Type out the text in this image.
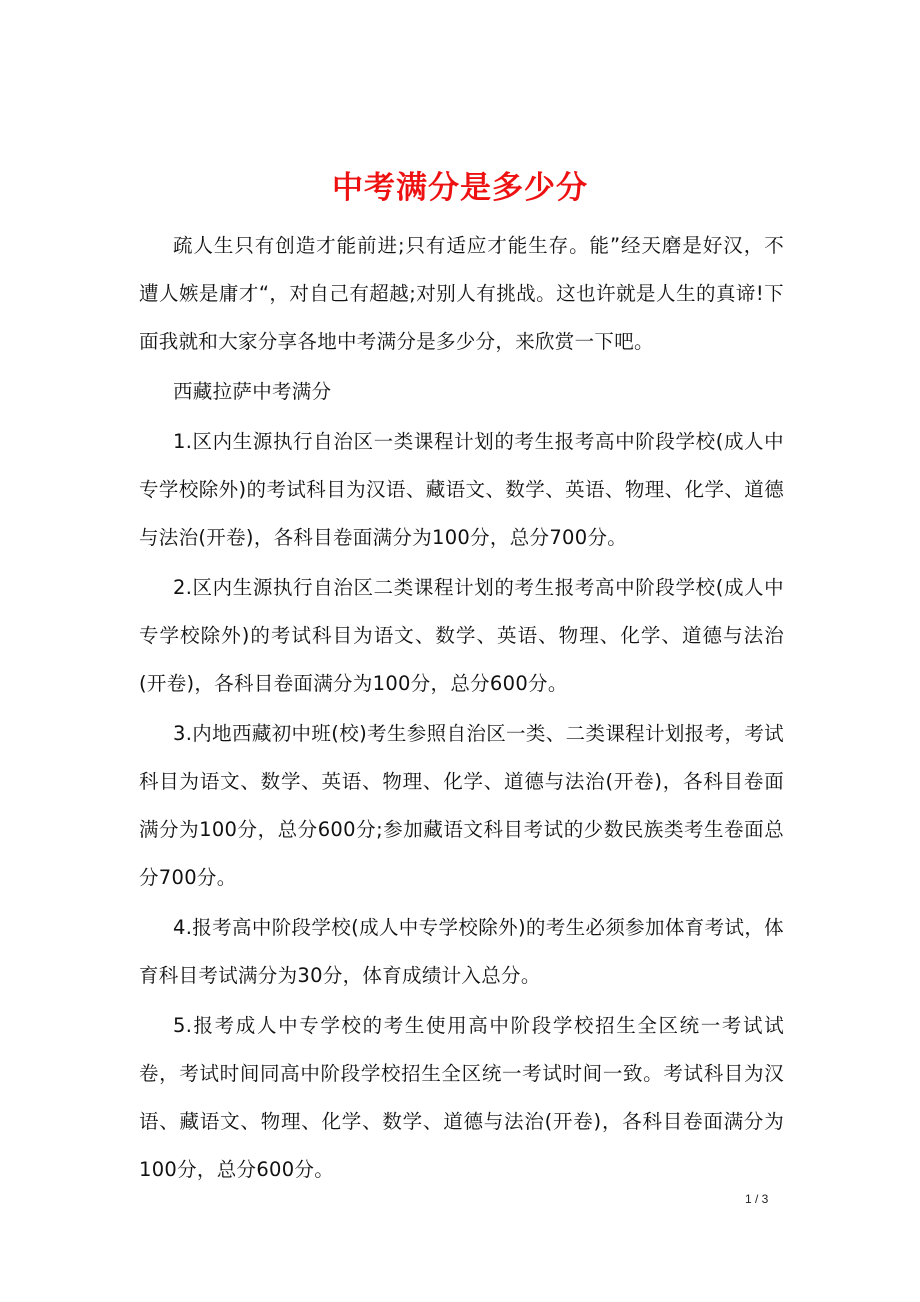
中考满分是多少分

疏人生只有创造才能前进;只有适应才能生存。能”经天磨是好汉，不遭人嫉是庸才“，对自己有超越;对别人有挑战。这也许就是人生的真谛!下面我就和大家分享各地中考满分是多少分，来欣赏一下吧。

西藏拉萨中考满分

1.区内生源执行自治区一类课程计划的考生报考高中阶段学校(成人中专学校除外)的考试科目为汉语、藏语文、数学、英语、物理、化学、道德与法治(开卷)，各科目卷面满分为100分，总分700分。

2.区内生源执行自治区二类课程计划的考生报考高中阶段学校(成人中专学校除外)的考试科目为语文、数学、英语、物理、化学、道德与法治(开卷)，各科目卷面满分为100分，总分600分。

3.内地西藏初中班(校)考生参照自治区一类、二类课程计划报考，考试科目为语文、数学、英语、物理、化学、道德与法治(开卷)，各科目卷面满分为100分，总分600分;参加藏语文科目考试的少数民族类考生卷面总分700分。

4.报考高中阶段学校(成人中专学校除外)的考生必须参加体育考试，体育科目考试满分为30分，体育成绩计入总分。

5.报考成人中专学校的考生使用高中阶段学校招生全区统一考试试卷，考试时间同高中阶段学校招生全区统一考试时间一致。考试科目为汉语、藏语文、物理、化学、数学、道德与法治(开卷)，各科目卷面满分为100分，总分600分。

1 / 3
